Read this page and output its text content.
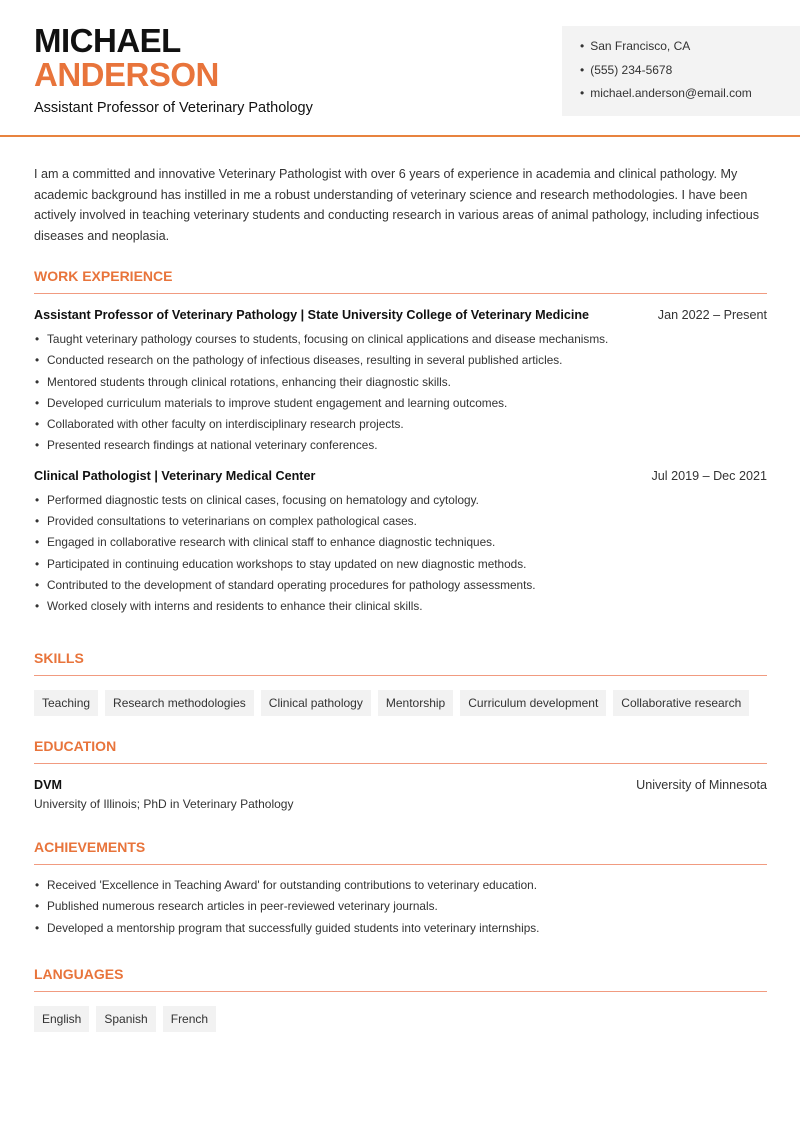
MICHAEL
ANDERSON
Assistant Professor of Veterinary Pathology
• San Francisco, CA
• (555) 234-5678
• michael.anderson@email.com
I am a committed and innovative Veterinary Pathologist with over 6 years of experience in academia and clinical pathology. My academic background has instilled in me a robust understanding of veterinary science and research methodologies. I have been actively involved in teaching veterinary students and conducting research in various areas of animal pathology, including infectious diseases and neoplasia.
WORK EXPERIENCE
Assistant Professor of Veterinary Pathology | State University College of Veterinary Medicine	Jan 2022 – Present
• Taught veterinary pathology courses to students, focusing on clinical applications and disease mechanisms.
• Conducted research on the pathology of infectious diseases, resulting in several published articles.
• Mentored students through clinical rotations, enhancing their diagnostic skills.
• Developed curriculum materials to improve student engagement and learning outcomes.
• Collaborated with other faculty on interdisciplinary research projects.
• Presented research findings at national veterinary conferences.
Clinical Pathologist | Veterinary Medical Center	Jul 2019 – Dec 2021
• Performed diagnostic tests on clinical cases, focusing on hematology and cytology.
• Provided consultations to veterinarians on complex pathological cases.
• Engaged in collaborative research with clinical staff to enhance diagnostic techniques.
• Participated in continuing education workshops to stay updated on new diagnostic methods.
• Contributed to the development of standard operating procedures for pathology assessments.
• Worked closely with interns and residents to enhance their clinical skills.
SKILLS
Teaching	Research methodologies	Clinical pathology	Mentorship	Curriculum development	Collaborative research
EDUCATION
DVM	University of Minnesota
University of Illinois; PhD in Veterinary Pathology
ACHIEVEMENTS
• Received 'Excellence in Teaching Award' for outstanding contributions to veterinary education.
• Published numerous research articles in peer-reviewed veterinary journals.
• Developed a mentorship program that successfully guided students into veterinary internships.
LANGUAGES
English	Spanish	French
